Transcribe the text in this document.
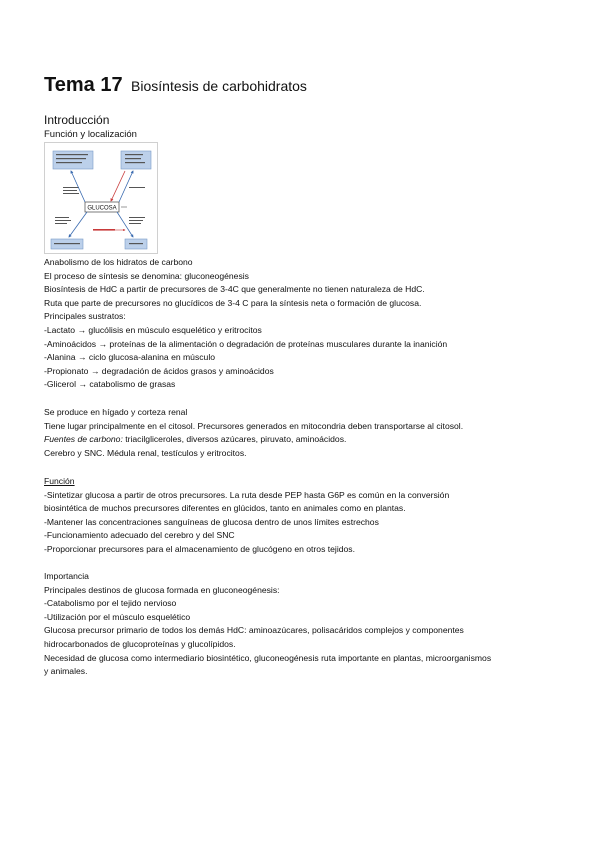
Tema 17 Biosíntesis de carbohidratos
Introducción
Función y localización
GLUCOSA

Anabolismo de los hidratos de carbono

El proceso de síntesis se denomina: gluconeogénesis

Biosíntesis de HdC a partir de precursores de 3-4C que generalmente no tienen naturaleza de HdC.

Ruta que parte de precursores no glucídicos de 3-4 C para la síntesis neta o formación de glucosa.

Principales sustratos:

-Lactato → glucólisis en músculo esquelético y eritrocitos

-Aminoácidos → proteínas de la alimentación o degradación de proteínas musculares durante la inanición

-Alanina → ciclo glucosa-alanina en músculo

-Propionato → degradación de ácidos grasos y aminoácidos

-Glicerol → catabolismo de grasas

Se produce en hígado y corteza renal

Tiene lugar principalmente en el citosol. Precursores generados en mitocondria deben transportarse al citosol.

Fuentes de carbono: triacilgliceroles, diversos azúcares, piruvato, aminoácidos.

Cerebro y SNC. Médula renal, testículos y eritrocitos.

Función

-Sintetizar glucosa a partir de otros precursores. La ruta desde PEP hasta G6P es común en la conversión

biosintética de muchos precursores diferentes en glúcidos, tanto en animales como en plantas.

-Mantener las concentraciones sanguíneas de glucosa dentro de unos límites estrechos

-Funcionamiento adecuado del cerebro y del SNC

-Proporcionar precursores para el almacenamiento de glucógeno en otros tejidos.

Importancia

Principales destinos de glucosa formada en gluconeogénesis:

-Catabolismo por el tejido nervioso

-Utilización por el músculo esquelético

Glucosa precursor primario de todos los demás HdC: aminoazúcares, polisacáridos complejos y componentes

hidrocarbonados de glucoproteínas y glucolípidos.

Necesidad de glucosa como intermediario biosintético, gluconeogénesis ruta importante en plantas, microorganismos

y animales.
